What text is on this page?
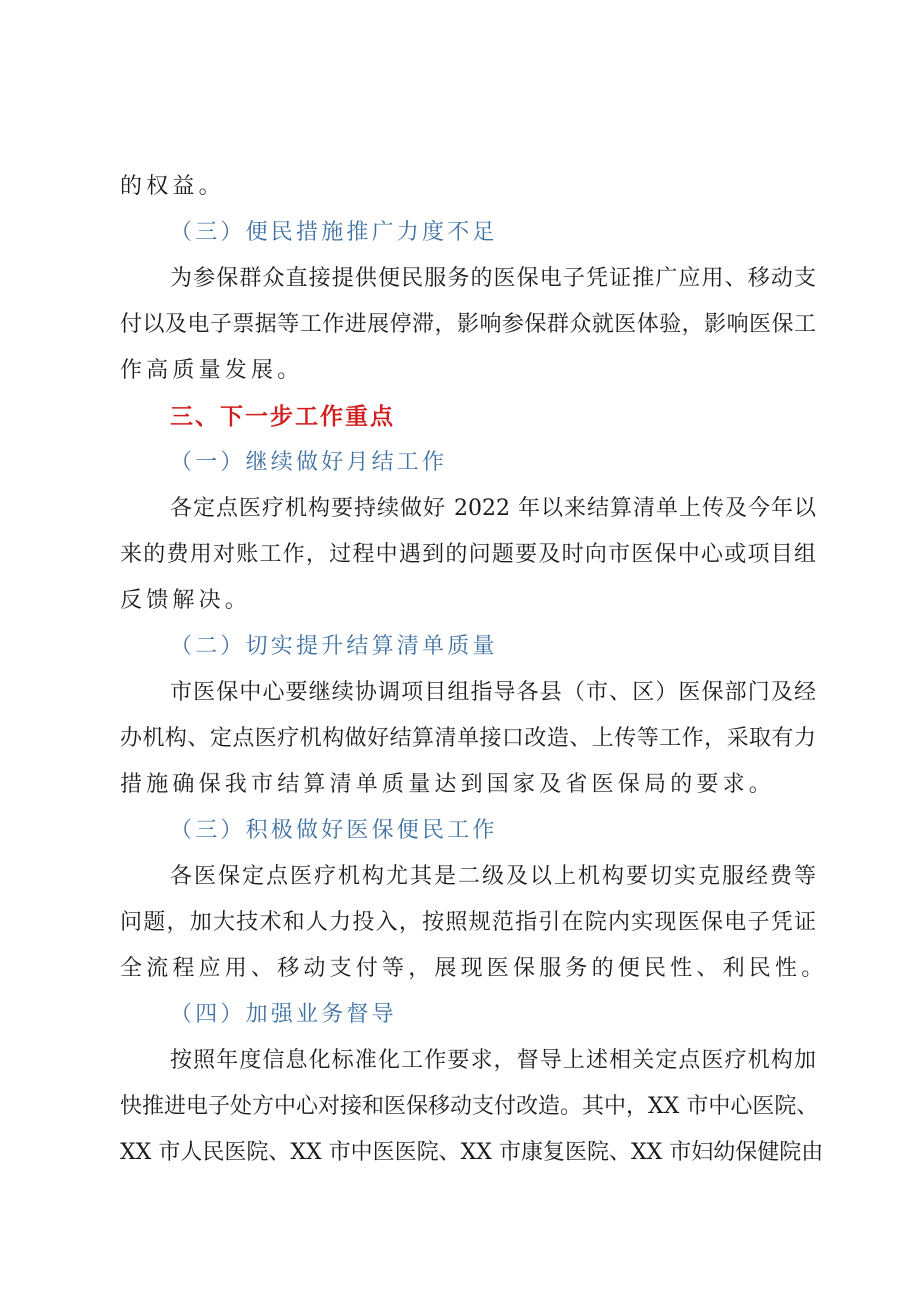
的权益。
（三）便民措施推广力度不足
为参保群众直接提供便民服务的医保电子凭证推广应用、移动支
付以及电子票据等工作进展停滞，影响参保群众就医体验，影响医保工
作高质量发展。
三、下一步工作重点
（一）继续做好月结工作
各定点医疗机构要持续做好 2022 年以来结算清单上传及今年以
来的费用对账工作，过程中遇到的问题要及时向市医保中心或项目组
反馈解决。
（二）切实提升结算清单质量
市医保中心要继续协调项目组指导各县（市、区）医保部门及经
办机构、定点医疗机构做好结算清单接口改造、上传等工作，采取有力
措施确保我市结算清单质量达到国家及省医保局的要求。
（三）积极做好医保便民工作
各医保定点医疗机构尤其是二级及以上机构要切实克服经费等
问题，加大技术和人力投入，按照规范指引在院内实现医保电子凭证
全流程应用、移动支付等，展现医保服务的便民性、利民性。
（四）加强业务督导
按照年度信息化标准化工作要求，督导上述相关定点医疗机构加
快推进电子处方中心对接和医保移动支付改造。其中，XX 市中心医院、
XX 市人民医院、XX 市中医医院、XX 市康复医院、XX 市妇幼保健院由
